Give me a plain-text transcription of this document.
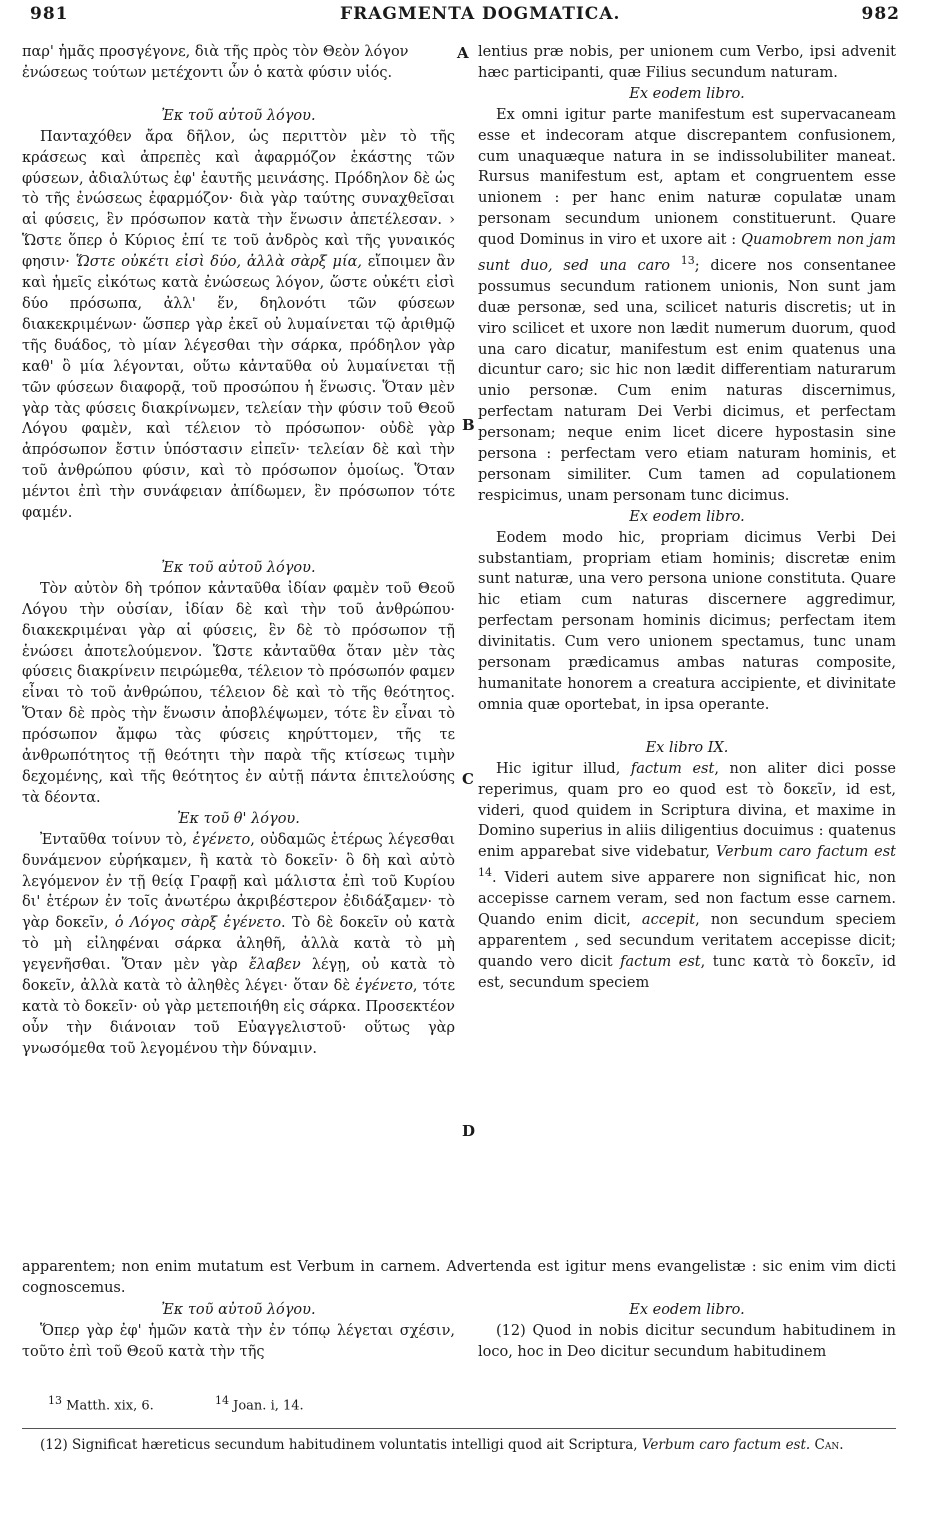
981	FRAGMENTA DOGMATICA.	982
A
B
C
D

παρ' ἡμᾶς προσγέγονε, διὰ τῆς πρὸς τὸν Θεὸν λόγον

ἐνώσεως τούτων μετέχοντι ὧν ὁ κατὰ φύσιν υἱός.

Ἐκ τοῦ αὐτοῦ λόγου.

Πανταχόθεν ἄρα δῆλον, ὡς περιττὸν μὲν τὸ τῆς κράσεως καὶ ἀπρεπὲς καὶ ἀφαρμόζον ἑκάστης τῶν φύσεων, ἀδιαλύτως ἐφ' ἑαυτῆς μεινάσης. Πρόδηλον δὲ ὡς τὸ τῆς ἐνώσεως ἐφαρμόζον· διὰ γὰρ ταύτης συναχθεῖσαι αἱ φύσεις, ἓν πρόσωπον κατὰ τὴν ἕνωσιν ἀπετέλεσαν. › Ὥστε ὅπερ ὁ Κύριος ἐπί τε τοῦ ἀνδρὸς καὶ τῆς γυναικός φησιν· Ὥστε οὐκέτι εἰσὶ δύο, ἀλλὰ σὰρξ μία, εἴποιμεν ἂν καὶ ἡμεῖς εἰκότως κατὰ ἐνώσεως λόγον, ὥστε οὐκέτι εἰσὶ δύο πρόσωπα, ἀλλ' ἕν, δηλονότι τῶν φύσεων διακεκριμένων· ὥσπερ γὰρ ἐκεῖ οὐ λυμαίνεται τῷ ἀριθμῷ τῆς δυάδος, τὸ μίαν λέγεσθαι τὴν σάρκα, πρόδηλον γὰρ καθ' ὃ μία λέγονται, οὕτω κἀνταῦθα οὐ λυμαίνεται τῇ τῶν φύσεων διαφορᾷ, τοῦ προσώπου ἡ ἕνωσις. Ὅταν μὲν γὰρ τὰς φύσεις διακρίνωμεν, τελείαν τὴν φύσιν τοῦ Θεοῦ Λόγου φαμὲν, καὶ τέλειον τὸ πρόσωπον· οὐδὲ γὰρ ἀπρόσωπον ἔστιν ὑπόστασιν εἰπεῖν· τελείαν δὲ καὶ τὴν τοῦ ἀνθρώπου φύσιν, καὶ τὸ πρόσωπον ὁμοίως. Ὅταν μέντοι ἐπὶ τὴν συνάφειαν ἀπίδωμεν, ἓν πρόσωπον τότε φαμέν.

Ἐκ τοῦ αὐτοῦ λόγου.

Τὸν αὐτὸν δὴ τρόπον κἀνταῦθα ἰδίαν φαμὲν τοῦ Θεοῦ Λόγου τὴν οὐσίαν, ἰδίαν δὲ καὶ τὴν τοῦ ἀνθρώπου· διακεκριμέναι γὰρ αἱ φύσεις, ἓν δὲ τὸ πρόσωπον τῇ ἑνώσει ἀποτελούμενον. Ὥστε κἀνταῦθα ὅταν μὲν τὰς φύσεις διακρίνειν πειρώμεθα, τέλειον τὸ πρόσωπόν φαμεν εἶναι τὸ τοῦ ἀνθρώπου, τέλειον δὲ καὶ τὸ τῆς θεότητος. Ὅταν δὲ πρὸς τὴν ἕνωσιν ἀποβλέψωμεν, τότε ἓν εἶναι τὸ πρόσωπον ἄμφω τὰς φύσεις κηρύττομεν, τῆς τε ἀνθρωπότητος τῇ θεότητι τὴν παρὰ τῆς κτίσεως τιμὴν δεχομένης, καὶ τῆς θεότητος ἐν αὐτῇ πάντα ἐπιτελούσης τὰ δέοντα.

Ἐκ τοῦ θ' λόγου.

Ἐνταῦθα τοίνυν τὸ, ἐγένετο, οὐδαμῶς ἑτέρως λέγεσθαι δυνάμενον εὑρήκαμεν, ἢ κατὰ τὸ δοκεῖν· ὃ δὴ καὶ αὐτὸ λεγόμενον ἐν τῇ θείᾳ Γραφῇ καὶ μάλιστα ἐπὶ τοῦ Κυρίου δι' ἑτέρων ἐν τοῖς ἀνωτέρω ἀκριβέστερον ἐδιδάξαμεν· τὸ γὰρ δοκεῖν, ὁ Λόγος σὰρξ ἐγένετο. Τὸ δὲ δοκεῖν οὐ κατὰ τὸ μὴ εἰληφέναι σάρκα ἀληθῆ, ἀλλὰ κατὰ τὸ μὴ γεγενῆσθαι. Ὅταν μὲν γὰρ ἔλαβεν λέγῃ, οὐ κατὰ τὸ δοκεῖν, ἀλλὰ κατὰ τὸ ἀληθὲς λέγει· ὅταν δὲ ἐγένετο, τότε κατὰ τὸ δοκεῖν· οὐ γὰρ μετεποιήθη εἰς σάρκα. Προσεκτέον οὖν τὴν διάνοιαν τοῦ Εὐαγγελιστοῦ· οὕτως γὰρ γνωσόμεθα τοῦ λεγομένου τὴν δύναμιν.

lentius præ nobis, per unionem cum Verbo, ipsi advenit hæc participanti, quæ Filius secundum naturam.

Ex eodem libro.

Ex omni igitur parte manifestum est supervacaneam esse et indecoram atque discrepantem confusionem, cum unaquæque natura in se indissolubiliter maneat. Rursus manifestum est, aptam et congruentem esse unionem : per hanc enim naturæ copulatæ unam personam secundum unionem constituerunt. Quare quod Dominus in viro et uxore ait : Quamobrem non jam sunt duo, sed una caro $^{13}$; dicere nos consentanee possumus secundum rationem unionis, Non sunt jam duæ personæ, sed una, scilicet naturis discretis; ut in viro scilicet et uxore non lædit numerum duorum, quod una caro dicatur, manifestum est enim quatenus una dicuntur caro; sic hic non lædit differentiam naturarum unio personæ. Cum enim naturas discernimus, perfectam naturam Dei Verbi dicimus, et perfectam personam; neque enim licet dicere hypostasin sine persona : perfectam vero etiam naturam hominis, et personam similiter. Cum tamen ad copulationem respicimus, unam personam tunc dicimus.

Ex eodem libro.

Eodem modo hic, propriam dicimus Verbi Dei substantiam, propriam etiam hominis; discretæ enim sunt naturæ, una vero persona unione constituta. Quare hic etiam cum naturas discernere aggredimur, perfectam personam hominis dicimus; perfectam item divinitatis. Cum vero unionem spectamus, tunc unam personam prædicamus ambas naturas composite, humanitate honorem a creatura accipiente, et divinitate omnia quæ oportebat, in ipsa operante.

Ex libro IX.

Hic igitur illud, factum est, non aliter dici posse reperimus, quam pro eo quod est τὸ δοκεῖν, id est, videri, quod quidem in Scriptura divina, et maxime in Domino superius in aliis diligentius docuimus : quatenus enim apparebat sive videbatur, Verbum caro factum est $^{14}$. Videri autem sive apparere non significat hic, non accepisse carnem veram, sed non factum esse carnem. Quando enim dicit, accepit, non secundum speciem apparentem , sed secundum veritatem accepisse dicit; quando vero dicit factum est, tunc κατὰ τὸ δοκεῖν, id est, secundum speciem

apparentem; non enim mutatum est Verbum in carnem. Advertenda est igitur mens evangelistæ : sic enim vim dicti cognoscemus.

Ἐκ τοῦ αὐτοῦ λόγου.

Ὅπερ γὰρ ἐφ' ἡμῶν κατὰ τὴν ἐν τόπῳ λέγεται σχέσιν, τοῦτο ἐπὶ τοῦ Θεοῦ κατὰ τὴν τῆς

Ex eodem libro.

(12) Quod in nobis dicitur secundum habitudinem in loco, hoc in Deo dicitur secundum habitudinem

$^{13}$ Matth. xix, 6.	$^{14}$ Joan. i, 14.
(12) Significat hæreticus secundum habitudinem voluntatis intelligi quod ait Scriptura, Verbum caro factum est. Can.
